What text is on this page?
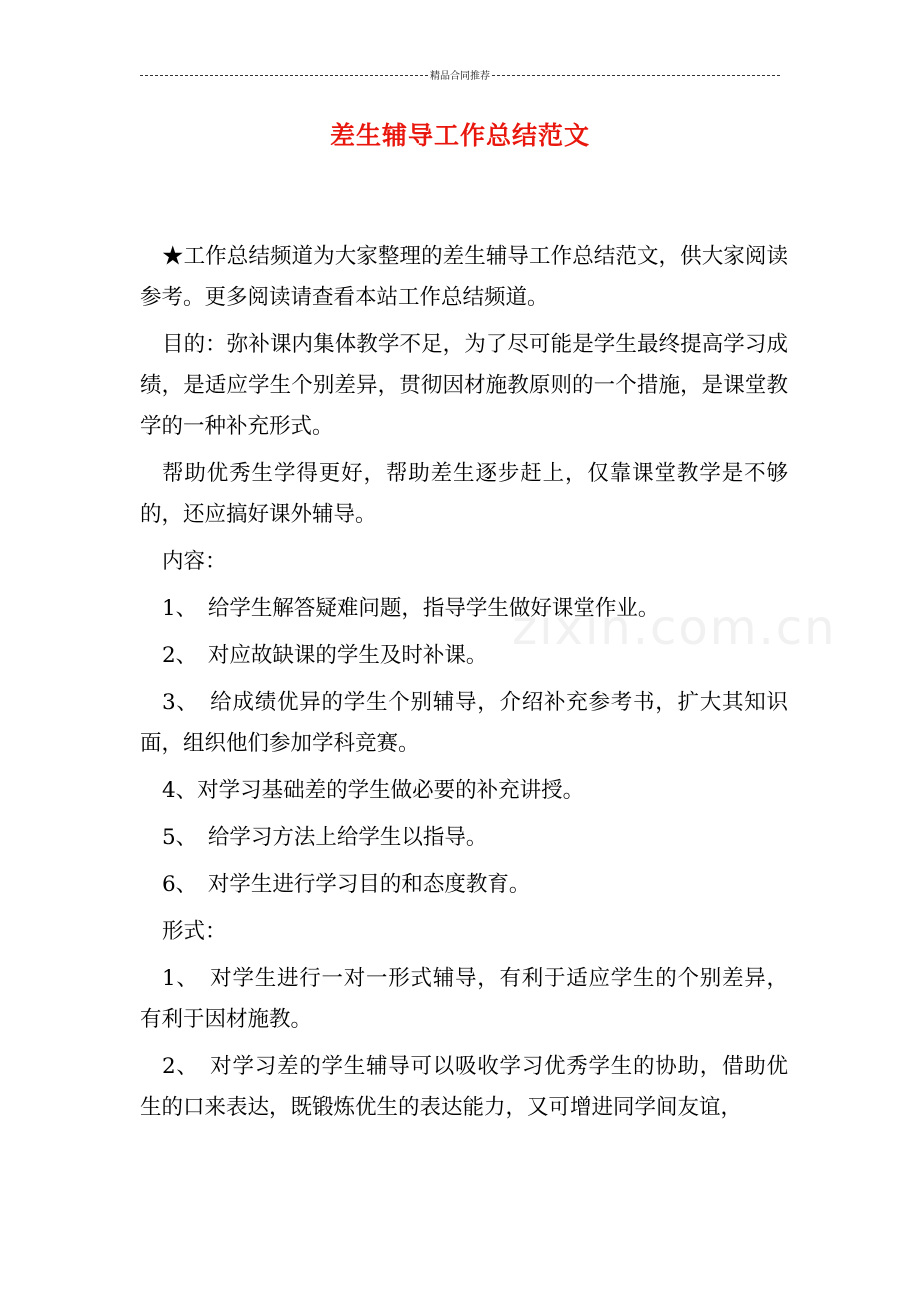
精品合同推荐
差生辅导工作总结范文
zixin.com.cn

★工作总结频道为大家整理的差生辅导工作总结范文，供大家阅读参考。更多阅读请查看本站工作总结频道。

目的：弥补课内集体教学不足，为了尽可能是学生最终提高学习成绩，是适应学生个别差异，贯彻因材施教原则的一个措施，是课堂教学的一种补充形式。

帮助优秀生学得更好，帮助差生逐步赶上，仅靠课堂教学是不够的，还应搞好课外辅导。

内容：

1、　给学生解答疑难问题，指导学生做好课堂作业。

2、　对应故缺课的学生及时补课。

3、　给成绩优异的学生个别辅导，介绍补充参考书，扩大其知识面，组织他们参加学科竞赛。

4、对学习基础差的学生做必要的补充讲授。

5、　给学习方法上给学生以指导。

6、　对学生进行学习目的和态度教育。

形式：

1、　对学生进行一对一形式辅导，有利于适应学生的个别差异，有利于因材施教。

2、　对学习差的学生辅导可以吸收学习优秀学生的协助，借助优生的口来表达，既锻炼优生的表达能力，又可增进同学间友谊，
